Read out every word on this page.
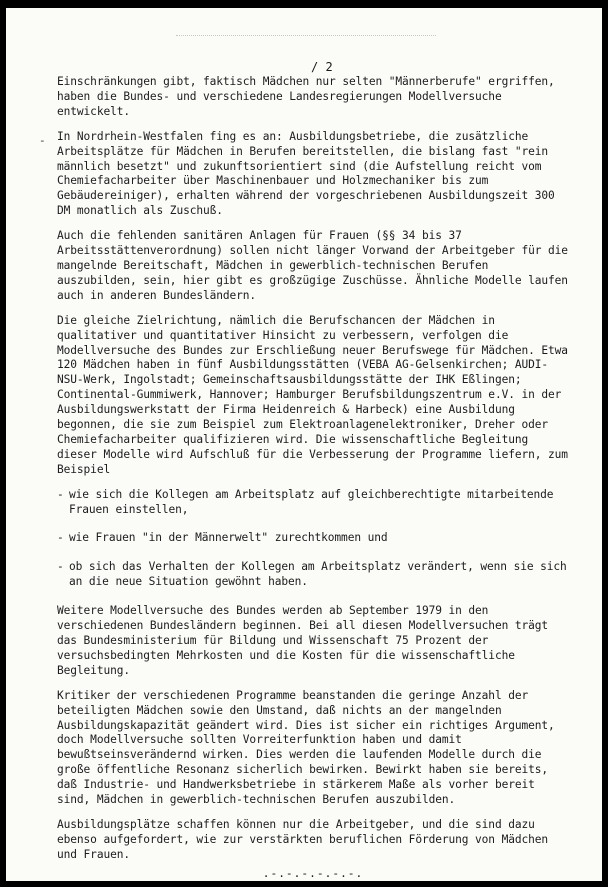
/ 2
-

Einschränkungen gibt, faktisch Mädchen nur selten "Männerberufe" ergriffen, haben die Bundes- und verschiedene Landesregierungen Modellversuche entwickelt.

In Nordrhein-Westfalen fing es an: Ausbildungsbetriebe, die zusätzliche Arbeitsplätze für Mädchen in Berufen bereitstellen, die bislang fast "rein männlich besetzt" und zukunftsorientiert sind (die Aufstellung reicht vom Chemiefacharbeiter über Maschinenbauer und Holzmechaniker bis zum Gebäudereiniger), erhalten während der vorgeschriebenen Ausbildungszeit 300 DM monatlich als Zuschuß.

Auch die fehlenden sanitären Anlagen für Frauen (§§ 34 bis 37 Arbeitsstättenverordnung) sollen nicht länger Vorwand der Arbeitgeber für die mangelnde Bereitschaft, Mädchen in gewerblich-technischen Berufen auszubilden, sein, hier gibt es großzügige Zuschüsse. Ähnliche Modelle laufen auch in anderen Bundesländern.

Die gleiche Zielrichtung, nämlich die Berufschancen der Mädchen in qualitativer und quantitativer Hinsicht zu verbessern, verfolgen die Modellversuche des Bundes zur Erschließung neuer Berufswege für Mädchen. Etwa 120 Mädchen haben in fünf Ausbildungsstätten (VEBA AG-Gelsenkirchen; AUDI-NSU-Werk, Ingolstadt; Gemeinschaftsausbildungsstätte der IHK Eßlingen; Continental-Gummiwerk, Hannover; Hamburger Berufsbildungszentrum e.V. in der Ausbildungswerkstatt der Firma Heidenreich & Harbeck) eine Ausbildung begonnen, die sie zum Beispiel zum Elektroanlagenelektroniker, Dreher oder Chemiefacharbeiter qualifizieren wird. Die wissenschaftliche Begleitung dieser Modelle wird Aufschluß für die Verbesserung der Programme liefern, zum Beispiel

- wie sich die Kollegen am Arbeitsplatz auf gleichberechtigte mitarbeitende Frauen einstellen,
- wie Frauen "in der Männerwelt" zurechtkommen und
- ob sich das Verhalten der Kollegen am Arbeitsplatz verändert, wenn sie sich an die neue Situation gewöhnt haben.

Weitere Modellversuche des Bundes werden ab September 1979 in den verschiedenen Bundesländern beginnen. Bei all diesen Modellversuchen trägt das Bundesministerium für Bildung und Wissenschaft 75 Prozent der versuchsbedingten Mehrkosten und die Kosten für die wissenschaftliche Begleitung.

Kritiker der verschiedenen Programme beanstanden die geringe Anzahl der beteiligten Mädchen sowie den Umstand, daß nichts an der mangelnden Ausbildungskapazität geändert wird. Dies ist sicher ein richtiges Argument, doch Modellversuche sollten Vorreiterfunktion haben und damit bewußtseinsverändernd wirken. Dies werden die laufenden Modelle durch die große öffentliche Resonanz sicherlich bewirken. Bewirkt haben sie bereits, daß Industrie- und Handwerksbetriebe in stärkerem Maße als vorher bereit sind, Mädchen in gewerblich-technischen Berufen auszubilden.

Ausbildungsplätze schaffen können nur die Arbeitgeber, und die sind dazu ebenso aufgefordert, wie zur verstärkten beruflichen Förderung von Mädchen und Frauen.

.-.-.-.-.-.-.
